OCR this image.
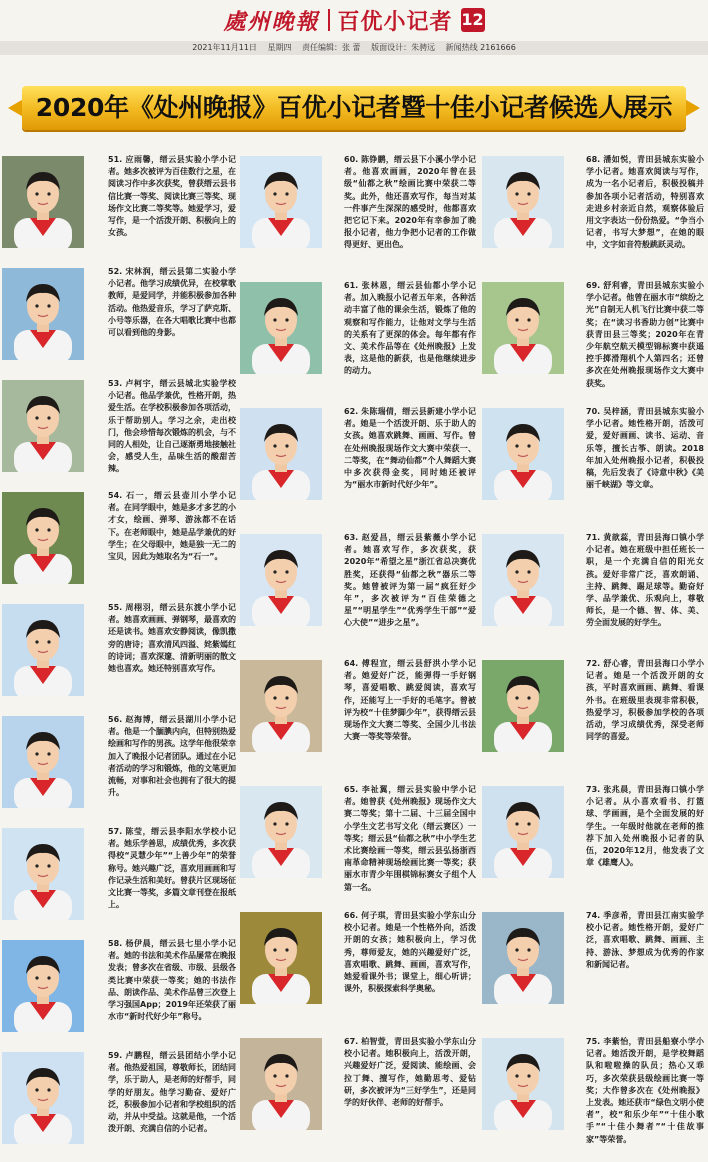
處州晚報 百优小记者 12
2021年11月11日 星期四 责任编辑：张 蕾 版面设计：朱骋远 新闻热线 2161666
2020年《处州晚报》百优小记者暨十佳小记者候选人展示
51. 应雨馨，缙云县实验小学小记者。她多次被评为百佳数行之星，在阅读习作中多次获奖，曾获缙云县书信比赛一等奖、阅读比赛三等奖、现场作文比赛二等奖等。她爱学习，爱写作，是一个活泼开朗、积极向上的女孩。
52. 宋林润，缙云县第二实验小学小记者。他学习成绩优异，在校掌歌教师，是爱同学，并能积极参加各种活动。他热爱音乐，学习了萨克斯、小号等乐器，在各大唱歌比赛中也都可以看到他的身影。
53. 卢柯宇，缙云县城北实验学校小记者。他品学兼优，性格开朗，热爱生活。在学校积极参加各项活动，乐于帮助别人。学习之余，走出校门，他会珍惜每次锻炼的机会，与不同的人相处，让自己逐渐勇地接触社会，感受人生，品味生活的酸甜苦辣。
54. 石一，缙云县壶川小学小记者。在同学眼中，她是多才多艺的小才女，绘画、弹琴、游泳都不在话下。在老师眼中，她是品学兼优的好学生；在父母眼中，她是独一无二的宝贝，因此为她取名为“石一”。
55. 周栩羽，缙云县东渡小学小记者。她喜欢画画、弹钢琴，最喜欢的还是读书。她喜欢安静阅读，像凯撒旁的唐诗；喜欢清风四溢、姹紫嫣红的诗词；喜欢深邃、清新明丽的散文她也喜欢。她还特别喜欢写作。
56. 赵海博，缙云县湖川小学小记者。他是一个腼腆内向，但特别热爱绘画和写作的男孩。这学年他很荣幸加入了晚报小记者团队。通过在小记者活动的学习和锻炼，他的文笔更加流畅，对事和社会也拥有了很大的提升。
57. 陈莹，缙云县李阳水学校小记者。她乐学善思，成绩优秀，多次获得校“灵慧少年”“上善少年”的荣誉称号。她兴趣广泛，喜欢用画画和写作记录生活和美好。曾获片区现场征文比赛一等奖，多篇文章刊登在报纸上。
58. 杨伊晨，缙云县七里小学小记者。她的书法和美术作品屡常在晚报发表；曾多次在省级、市级、县级各类比赛中荣获一等奖；她的书法作品、朗读作品、美术作品曾三次登上学习强国App；2019年还荣获了丽水市“新时代好少年”称号。
59. 卢鹏程，缙云县团结小学小记者。他热爱祖国，尊敬师长，团结同学，乐于助人，是老师的好帮手，同学的好朋友。他学习勤奋、爱好广泛，积极参加小记者和学校组织的活动，并从中受益。这就是他，一个活泼开朗、充满自信的小记者。
60. 陈铮鹏，缙云县下小溪小学小记者。他喜欢画画，2020年曾在县级“仙都之秋”绘画比赛中荣获二等奖。此外，他还喜欢写作，每当对某一件事产生深深的感受时，他都喜欢把它记下来。2020年有幸参加了晚报小记者，他力争把小记者的工作做得更好、更出色。
61. 张林恩，缙云县仙都小学小记者。加入晚报小记者五年来，各种活动丰富了他的课余生活，锻炼了他的观察和写作能力，让他对文学与生活的关系有了更深的体会。每年都有作文、美术作品等在《处州晚报》上发表，这是他的新获，也是他继续进步的动力。
62. 朱陈瑞倩，缙云县新建小学小记者。她是一个活泼开朗、乐于助人的女孩。她喜欢跳舞、画画、写作。曾在处州晚报现场作文大赛中荣获一、二等奖，在“舞动仙都”个人舞蹈大赛中多次获得金奖，同时她还被评为“丽水市新时代好少年”。
63. 赵爱昌，缙云县紫薇小学小记者。她喜欢写作，多次获奖，获2020年“希望之星”浙江省总决赛优胜奖，还获得“仙都之秋”器乐二等奖。她曾被评为第一届“疯狂好少年”，多次被评为“百佳荣德之星”“明星学生”“优秀学生干部”“爱心大使”“进步之星”。
64. 傅程宣，缙云县舒洪小学小记者。她爱好广泛，能弹得一手好钢琴，喜爱唱歌、跳爱阅读，喜欢写作，还能写上一手好的毛笔字。曾被评为校“十佳梦脚少年”，获得缙云县现场作文大赛二等奖、全国少儿书法大赛一等奖等荣誉。
65. 李祉翼，缙云县实验中学小记者。她曾获《处州晚报》现场作文大赛二等奖；第十二届、十三届全国中小学生文艺书写文化（缙云赛区）一等奖；缙云县“仙都之秋”中小学生艺术比赛绘画一等奖，缙云县弘扬浙西南革命精神现场绘画比赛一等奖；获丽水市青少年围棋锦标赛女子组个人第一名。
66. 何子琪，青田县实验小学东山分校小记者。她是一个性格外向，活泼开朗的女孩；她积极向上，学习优秀，尊师爱友，她的兴趣爱好广泛，喜欢唱歌、跳舞、画画，喜欢写作，她爱看课外书；课堂上，细心听讲；课外，积极探索科学奥秘。
67. 柏智萱，青田县实验小学东山分校小记者。她积极向上，活泼开朗，兴趣爱好广泛，爱阅读、能绘画、会拉丁舞、擅写作，她勤思考、爱钻研，多次被评为“三好学生”，还是同学的好伙伴、老师的好帮手。
68. 潘如悦，青田县城东实验小学小记者。她喜欢阅读与写作，成为一名小记者后，积极投稿并参加各项小记者活动，特别喜欢走进乡村亲近自然，观察体验后用文字表达一份份热爱。“争当小记者，书写大梦想”，在她的眼中，文字如音符般跳跃灵动。
69. 舒利睿，青田县城东实验小学小记者。他曾在丽水市“缤纷之光”自制无人机飞行比赛中获二等奖；在“读习书香助力创”比赛中获青田县三等奖；2020年在青少年航空航天模型锦标赛中获遥控手掷滑翔机个人第四名；还曾多次在处州晚报现场作文大赛中获奖。
70. 吴梓涵，青田县城东实验小学小记者。她性格开朗，活泼可爱，爱好画画、读书、运动、音乐等，擅长古筝、朗读。2018年加入处州晚报小记者，积极投稿，先后发表了《诗意中秋》《美丽千峡湖》等文章。
71. 黄歆蕊，青田县海口镇小学小记者。她在班级中担任班长一职，是一个充满自信的阳光女孩。爱好非常广泛，喜欢朗诵、主持、跳舞、踢足球等。勤奋好学、品学兼优、乐观向上，尊敬师长，是一个德、智、体、美、劳全面发展的好学生。
72. 舒心睿，青田县海口小学小记者。她是一个活泼开朗的女孩，平时喜欢画画、跳舞、看课外书。在班级里表现非常积极，热爱学习，积极参加学校的各项活动，学习成绩优秀，深受老师同学的喜爱。
73. 张兆晨，青田县海口镇小学小记者。从小喜欢看书、打篮球、学画画，是个全面发展的好学生。一年级时他就在老师的推荐下加入处州晚报小记者的队伍，2020年12月，他发表了文章《雄鹰人》。
74. 季彦希，青田县江南实验学校小记者。她性格开朗，爱好广泛，喜欢唱歌、跳舞、画画、主持、游泳、梦想成为优秀的作家和新闻记者。
75. 李紫怡，青田县船寮小学小记者。她活泼开朗，是学校舞蹈队和啦啦操的队员；热心又乖巧，多次荣获县级绘画比赛一等奖；大作曾多次在《处州晚报》上发表。她还获市“绿色文明小使者”，校“和乐少年”“十佳小歌手”“十佳小舞者”“十佳故事家”等荣誉。
